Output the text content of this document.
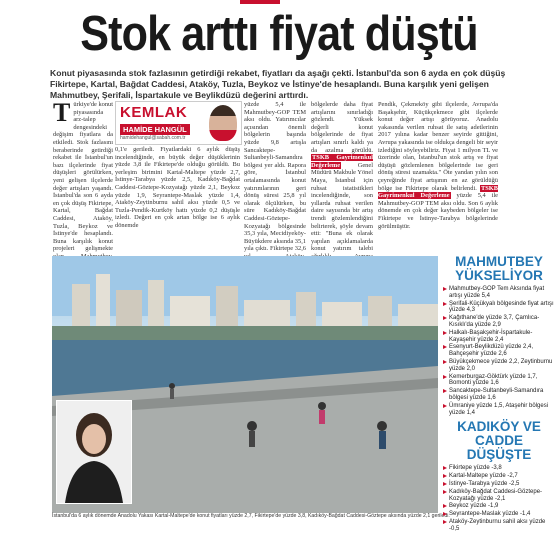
Stok arttı fiyat düştü
Konut piyasasında stok fazlasının getirdiği rekabet, fiyatları da aşağı çekti. İstanbul'da son 6 ayda en çok düşüş Fikirtepe, Kartal, Bağdat Caddesi, Ataköy, Tuzla, Beykoz ve İstinye'de hesaplandı. Buna karşılık yeni gelişen Mahmutbey, Şerifali, İspartakule ve Beylikdüzü değerini arttırdı.

Türkiye'de konut piyasasında arz-talep dengesindeki değişim fiyatlara da etkiledi. Stok fazlasını beraberinde getirdiği rekabet ile İstanbul'un bazı ilçelerinde fiyat düşüşleri görülürken, yeni gelişen ilçelerde değer artışları yaşandı. İstanbul'da son 6 ayda en çok düşüş Fikirtepe, Kartal, Bağdat Caddesi, Ataköy, Tuzla, Beykoz ve İstinye'de hesaplandı. Buna karşılık konut projeleri gelişmekte

KEMLAK
HAMİDE HANGÜL
hamidehangul@sabah.com.tr

0,1'e geriledi. Fiyatlardaki 6 aylık düşüş incelendiğinde, en büyük değer düşüklerinin yüzde 3,8 ile Fikirtepe'de olduğu görüldü. Bu yerleşim birimini Kartal-Maltepe yüzde 2,7, İstinye-Tarabya yüzde 2,5, Kadıköy-Bağdat Caddesi-Göztepe-Kozyatağı yüzde 2,1, Beykoz yüzde 1,9, Seyrantepe-Maslak yüzde 1,4, Ataköy-Zeytinburnu sahil aksı yüzde 0,5 ve Tuzla-Pendik-Kurtköy hattı yüzde 0,2 düşüşle izledi. Değeri en çok artan bölge ise 6 aylık dönemde

yüzde 5,4 ile Mahmutbey-GOP TEM aksı oldu. Yatırımcılar açısından önemli bölgelerin başında yüzde 9,8 artışla Sancaktepe-Sultanbeyli-Samandıra bölgesi yer aldı. Rapora göre, İstanbul ortalamasında konut yatırımlarının geri dönüş süresi 25,8 yıl olarak ölçülürken, bu süre Kadıköy-Bağdat Caddesi-Göztepe-Kozyatağı bölgesinde 35,3 yıla, Mecidiyeköy-Büyükdere aksında 35,1 yıla çıktı. Fikirtepe 32,6

bölgelerde daha fiyat artışlarını sınırladığı gözlendi. Yüksek değerli konut bölgelerinde de fiyat artışları sınırlı kaldı ya da azalma görüldü. TSKB Gayrimenkul Değerleme	Genel Müdürü Makbule Yönel Maya, İstanbul için ruhsat istatistikleri incelendiğinde, son yıllarda ruhsat verilen daire sayısında bir artış trendi gözlemlendiğini belirterek, şöyle devam etti: "Buna ek olarak yapılan açıklamalarda konut yatırım talebi

Pendik, Çekmeköy gibi ilçelerde, Avrupa'da Başakşehir, Küçükçekmece gibi ilçelerde konut değer artışı görüyoruz. Anadolu yakasında verilen ruhsat ile satış adetlerinin 2017 yılına kadar benzer seyirde gittiğini, Avrupa yakasında ise oldukça dengeli bir seyir izlediğini söyleyebiliriz. Fiyat 1 milyon TL ve üzerinde olan, İstanbul'un stok artış ve fiyat düşüşü gözlemlenen bölgelerinde ise geri dönüş süresi uzamakta." Öte yandan yılın son çeyreğinde fiyat artışının en az görüldüğü bölge ise Fikirtepe olarak belirlendi. TSKB Gayrimenkul Değerleme yüzde 5,4 ile Mahmutbey-GOP TEM aksı oldu. Son 6 aylık dönemde en çok değer kaybeden bölgeler ise Fikirtepe ve İstinye-Tarabya bölgelerinde görülmüştür.

İstanbul'da 6 aylık dönemde Anadolu Yakası Kartal-Maltepe'de konut fiyatları yüzde 2,7, Fikirtepe'de yüzde 3,8, Kadıköy-Bağdat Caddesi-Göztepe aksında yüzde 2,1 geriledi.
MAHMUTBEY
YÜKSELİYOR
Mahmutbey-GOP Tem Aksında fiyat artışı yüzde 5,4
Şerifali-Küçükyalı bölgesinde fiyat artışı yüzde 4,3
Kağıthane'de yüzde 3,7, Çamlıca-Kısıklı'da yüzde 2,9
Halkalı-Başakşehir-İspartakule-Kayaşehir yüzde 2,4
Esenyurt-Beylikdüzü yüzde 2,4, Bahçeşehir yüzde 2,6
Büyükçekmece yüzde 2,2, Zeytinburnu yüzde 2,0
Kemerburgaz-Göktürk yüzde 1,7, Bomonti yüzde 1,6
Sancaktepe-Sultanbeyli-Samandıra bölgesi yüzde 1,6
Ümraniye yüzde 1,5, Ataşehir bölgesi yüzde 1,4
KADIKÖY VE
CADDE DÜŞÜŞTE
Fikirtepe yüzde -3,8
Kartal-Maltepe yüzde -2,7
İstinye-Tarabya yüzde -2,5
Kadıköy-Bağdat Caddesi-Göztepe-Kozyatağı yüzde -2,1
Beykoz yüzde -1,9
Seyrantepe-Maslak yüzde -1,4
Ataköy-Zeytinburnu sahil aksı yüzde -0,5
